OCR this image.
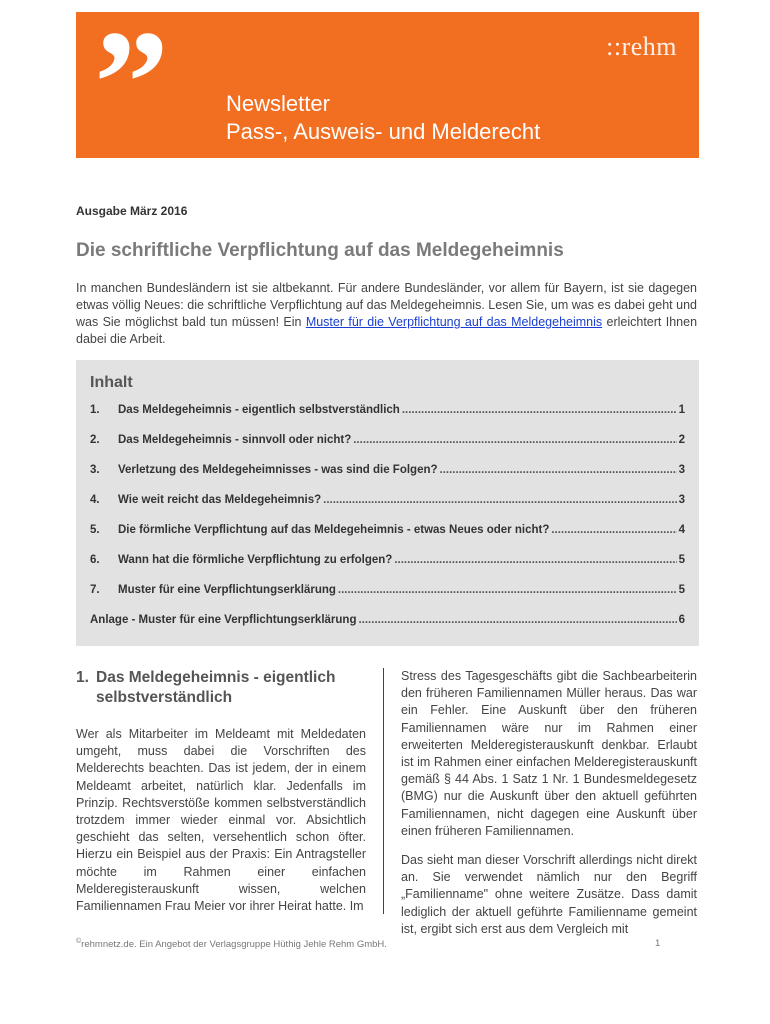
”	::rehm
Newsletter
Pass-, Ausweis- und Melderecht
Ausgabe März 2016
Die schriftliche Verpflichtung auf das Meldegeheimnis
In manchen Bundesländern ist sie altbekannt. Für andere Bundesländer, vor allem für Bayern, ist sie dagegen etwas völlig Neues: die schriftliche Verpflichtung auf das Meldegeheimnis. Lesen Sie, um was es dabei geht und was Sie möglichst bald tun müssen! Ein Muster für die Verpflichtung auf das Meldegeheimnis erleichtert Ihnen dabei die Arbeit.
Inhalt
1.	Das Meldegeheimnis - eigentlich selbstverständlich .....	1
2.	Das Meldegeheimnis - sinnvoll oder nicht? .....	2
3.	Verletzung des Meldegeheimnisses - was sind die Folgen? .....	3
4.	Wie weit reicht das Meldegeheimnis? .....	3
5.	Die förmliche Verpflichtung auf das Meldegeheimnis - etwas Neues oder nicht? .....	4
6.	Wann hat die förmliche Verpflichtung zu erfolgen? .....	5
7.	Muster für eine Verpflichtungserklärung .....	5
Anlage - Muster für eine Verpflichtungserklärung .....	6
1. Das Meldegeheimnis - eigentlich
selbstverständlich

Wer als Mitarbeiter im Meldeamt mit Meldedaten umgeht, muss dabei die Vorschriften des Melderechts beachten. Das ist jedem, der in einem Meldeamt arbeitet, natürlich klar. Jedenfalls im Prinzip. Rechtsverstöße kommen selbstverständlich trotzdem immer wieder einmal vor. Absichtlich geschieht das selten, versehentlich schon öfter. Hierzu ein Beispiel aus der Praxis: Ein Antragsteller möchte im Rahmen einer einfachen Melderegisterauskunft wissen, welchen Familiennamen Frau Meier vor ihrer Heirat hatte. Im

Stress des Tagesgeschäfts gibt die Sachbearbeiterin den früheren Familiennamen Müller heraus. Das war ein Fehler. Eine Auskunft über den früheren Familiennamen wäre nur im Rahmen einer erweiterten Melderegisterauskunft denkbar. Erlaubt ist im Rahmen einer einfachen Melderegisterauskunft gemäß § 44 Abs. 1 Satz 1 Nr. 1 Bundesmeldegesetz (BMG) nur die Auskunft über den aktuell geführten Familiennamen, nicht dagegen eine Auskunft über einen früheren Familiennamen.

Das sieht man dieser Vorschrift allerdings nicht direkt an. Sie verwendet nämlich nur den Begriff „Familienname" ohne weitere Zusätze. Dass damit lediglich der aktuell geführte Familienname gemeint ist, ergibt sich erst aus dem Vergleich mit

©rehmnetz.de. Ein Angebot der Verlagsgruppe Hüthig Jehle Rehm GmbH.	1
